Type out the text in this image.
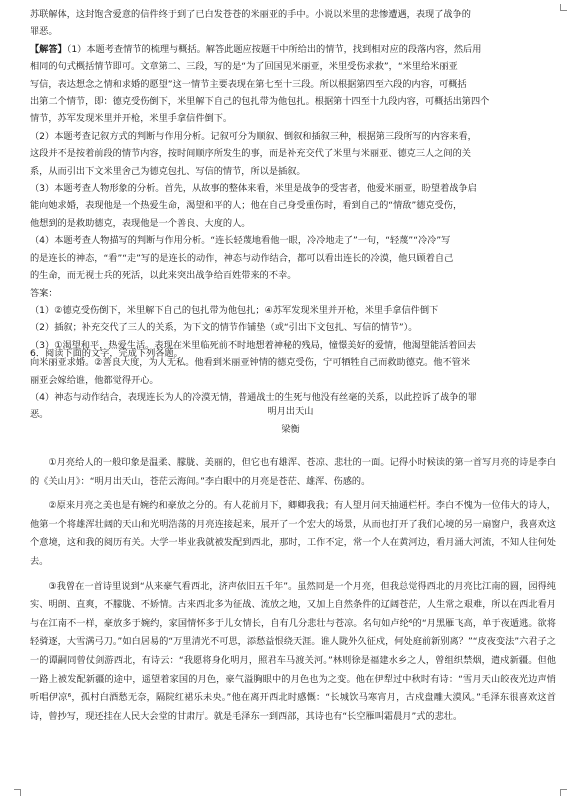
苏联解体，这封饱含爱意的信件终于到了已白发苍苍的米丽亚的手中。小说以米里的悲惨遭遇，表现了战争的

罪恶。

【解答】（1）本题考查情节的梳理与概括。解答此题应按题干中所给出的情节，找到相对应的段落内容，然后用

相同的句式概括情节即可。文章第二、三段，写的是“为了回国见米丽亚，米里受伤求救”，“米里给米丽亚

写信，表达想念之情和求婚的愿望”这一情节主要表现在第七至十三段。所以根据第四至六段的内容，可概括

出第二个情节，即：德克受伤倒下，米里解下自己的包扎带为他包扎。根据第十四至十九段内容，可概括出第四个

情节，苏军发现米里并开枪，米里手拿信件倒下。

（2）本题考查记叙方式的判断与作用分析。记叙可分为顺叙、倒叙和插叙三种，根据第三段所写的内容来看，

这段并不是按着前段的情节内容，按时间顺序所发生的事，而是补充交代了米里与米丽亚、德克三人之间的关

系，从而引出下文米里舍己为德克包扎、写信的情节，所以是插叙。

（3）本题考查人物形象的分析。首先，从故事的整体来看，米里是战争的受害者，他爱米丽亚，盼望着战争启

能向她求婚，表现他是一个热爱生命，渴望和平的人；他在自己身受重伤时，看到自己的“情敌”德克受伤，

他想到的是救助德克，表现他是一个善良、大度的人。

（4）本题考查人物描写的判断与作用分析。“连长轻蔑地看他一眼，冷冷地走了”一句，“轻蔑”“冷冷”写

的是连长的神态，“看”“走”写的是连长的动作，神态与动作结合，都可以看出连长的冷漠，他只顾着自己

的生命，而无视士兵的死活，以此来突出战争给百姓带来的不幸。

答案：

（1）②德克受伤倒下，米里解下自己的包扎带为他包扎；④苏军发现米里并开枪，米里手拿信件倒下

（2）插叙；补充交代了三人的关系，为下文的情节作铺垫（或“引出下文包扎、写信的情节”）。

（3）①渴望和平，热爱生活。表现在米里临死前不时地想着神秘的残局，憧憬美好的爱情，他渴望能活着回去

向米丽亚求婚。②善良大度，为人无私。他看到米丽亚钟情的德克受伤，宁可牺牲自己而救助德克。他不管米

丽亚会嫁给谁，他都觉得开心。

（4）神态与动作结合，表现连长为人的冷漠无情，普通战士的生死与他没有丝毫的关系，以此控诉了战争的罪

恶。

6．阅读下面的文字，完成下列各题。

明月出天山

梁衡

①月亮给人的一般印象是温柔、朦胧、美丽的，但它也有雄浑、苍凉、悲壮的一面。记得小时候读的第一首写月亮的诗是李白的《关山月》：“明月出天山，苍茫云海间。”李白眼中的月亮是苍茫、雄浑、伤感的。

②原来月亮之美也是有婉约和豪放之分的。有人花前月下，卿卿我我；有人望月问天抽通栏杆。李白不愧为一位伟大的诗人，他第一个将雄浑壮阔的天山和光明浩荡的月亮连接起来，展开了一个宏大的场景，从而也打开了我们心境的另一扇窗户，我喜欢这个意境，这和我的阅历有关。大学一毕业我就被发配到西北，那时，工作不定，常一个人在黄河边，看月涌大河流，不知人往何处去。

③我曾在一首诗里说到“从来豪气看西北，济声依旧五千年”。虽然同是一个月亮，但我总觉得西北的月亮比江南的圆，园得纯实、明朗、直爽，不朦胧、不娇情。古来西北多为征战、流放之地，又加上自然条件的辽阔苍茫，人生常之艰难，所以在西北看月与在江南不一样，豪放多于婉约，家国情怀多于儿女情长，自有几分悲壮与苍凉。名句如卢纶⁶的“月黑雁飞高，单于夜遁逃。欲将轻骑逐，大雪满弓刀。”如白居易的“万里清光不可思，添愁益恨绕天涯。谁人陇外久征戍，何处庭前新别离？”“皮夜变法”六君子之一的谭嗣同曾仗剑游西北，有诗云：“我愿将身化明月，照君车马渡关河。”林则徐是福建水乡之人，曾组织禁烟，遣戍新疆。但他一路上被发配新疆的途中，遥望着家国的月色，豪气溢胸眼中的月色也为之变。他在伊犁过中秋时有诗：“雪月天山皎夜光边声悄听唱伊凉⁶，孤村白酒愁无奈，隔院红裙乐未央。”他在离开西北时感慨：“长城饮马寒宵月，古戍盘雕大漠风。”毛泽东很喜欢这首诗，曾抄写，现还挂在人民大会堂的甘肃厅。就是毛泽东一到西部，其诗也有“长空雁叫霜晨月”式的悲壮。
